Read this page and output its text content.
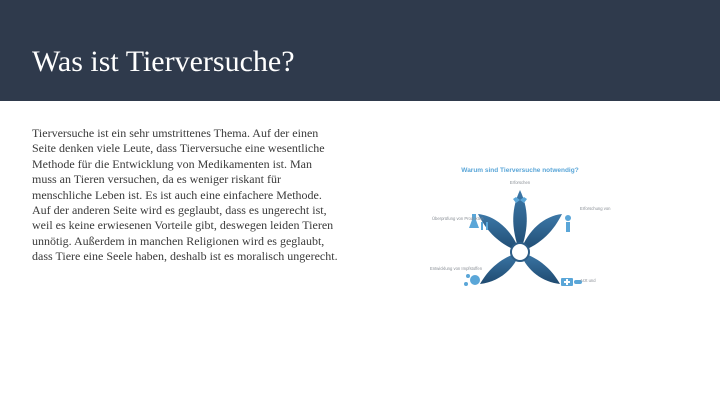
Was ist Tierversuche?

Tierversuche ist ein sehr umstrittenes Thema. Auf der einen Seite denken viele Leute, dass Tierversuche eine wesentliche Methode für die Entwicklung von Medikamenten ist. Man muss an Tieren versuchen, da es weniger riskant für menschliche Leben ist. Es ist auch eine einfachere Methode. Auf der anderen Seite wird es geglaubt, dass es ungerecht ist, weil es keine erwiesenen Vorteile gibt, deswegen leiden Tieren unnötig. Außerdem in manchen Religionen wird es geglaubt, dass Tiere eine Seele haben, deshalb ist es moralisch ungerecht.

Warum sind Tierversuche notwendig?
Erforschen
Überprüfung von Produkten
Erforschung von
Entwicklung von Impfstoffen
Arzt und
